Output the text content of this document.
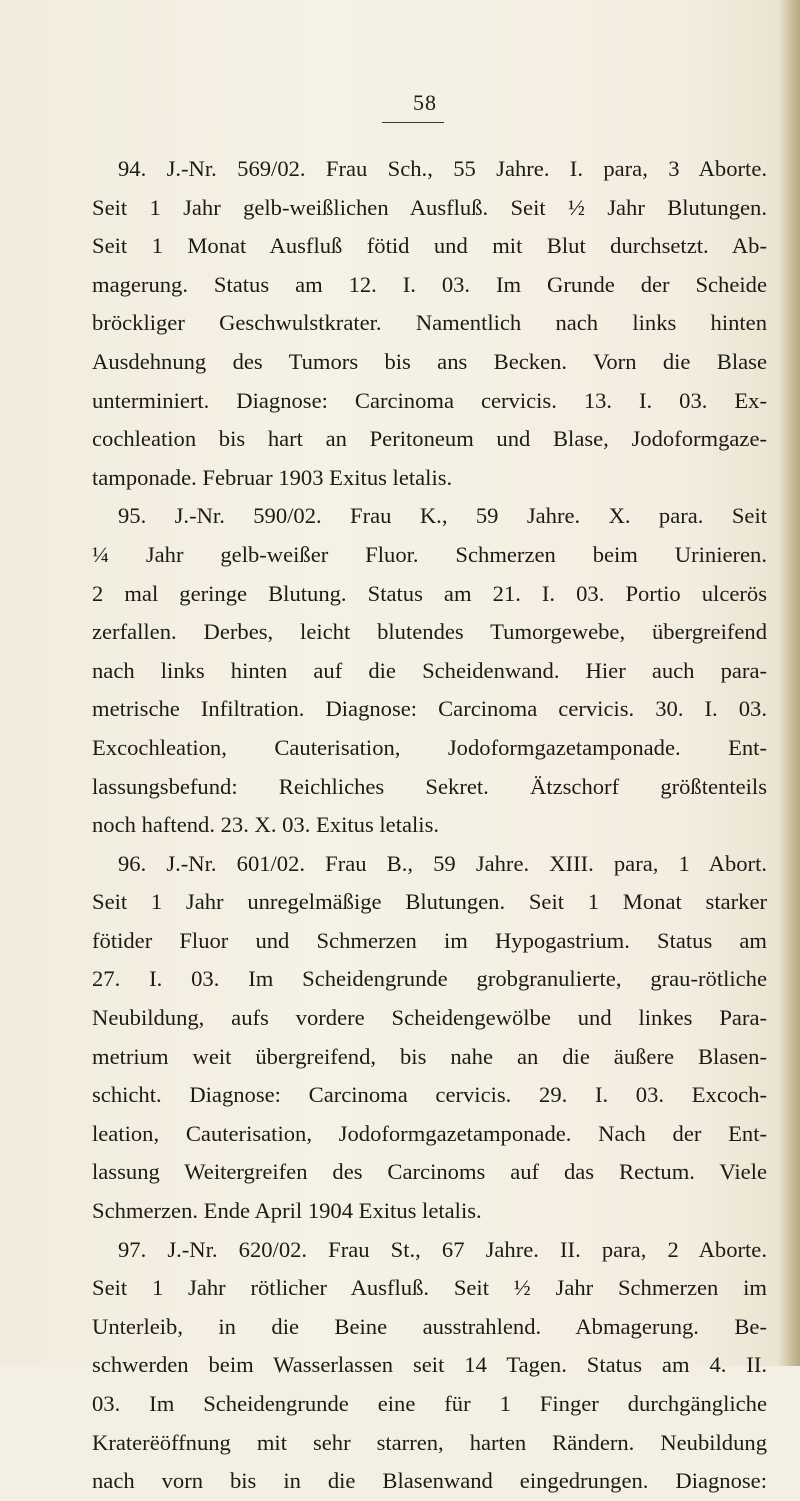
58
94. J.-Nr. 569/02. Frau Sch., 55 Jahre. I. para, 3 Aborte.
Seit 1 Jahr gelb-weißlichen Ausfluß. Seit ½ Jahr Blutungen.
Seit 1 Monat Ausfluß fötid und mit Blut durchsetzt. Ab-
magerung. Status am 12. I. 03. Im Grunde der Scheide
bröckliger Geschwulstkrater. Namentlich nach links hinten
Ausdehnung des Tumors bis ans Becken. Vorn die Blase
unterminiert. Diagnose: Carcinoma cervicis. 13. I. 03. Ex-
cochleation bis hart an Peritoneum und Blase, Jodoformgaze-
tamponade. Februar 1903 Exitus letalis.
95. J.-Nr. 590/02. Frau K., 59 Jahre. X. para. Seit
¼ Jahr gelb-weißer Fluor. Schmerzen beim Urinieren.
2 mal geringe Blutung. Status am 21. I. 03. Portio ulcerös
zerfallen. Derbes, leicht blutendes Tumorgewebe, übergreifend
nach links hinten auf die Scheidenwand. Hier auch para-
metrische Infiltration. Diagnose: Carcinoma cervicis. 30. I. 03.
Excochleation, Cauterisation, Jodoformgazetamponade. Ent-
lassungsbefund: Reichliches Sekret. Ätzschorf größtenteils
noch haftend. 23. X. 03. Exitus letalis.
96. J.-Nr. 601/02. Frau B., 59 Jahre. XIII. para, 1 Abort.
Seit 1 Jahr unregelmäßige Blutungen. Seit 1 Monat starker
fötider Fluor und Schmerzen im Hypogastrium. Status am
27. I. 03. Im Scheidengrunde grobgranulierte, grau-rötliche
Neubildung, aufs vordere Scheidengewölbe und linkes Para-
metrium weit übergreifend, bis nahe an die äußere Blasen-
schicht. Diagnose: Carcinoma cervicis. 29. I. 03. Excoch-
leation, Cauterisation, Jodoformgazetamponade. Nach der Ent-
lassung Weitergreifen des Carcinoms auf das Rectum. Viele
Schmerzen. Ende April 1904 Exitus letalis.
97. J.-Nr. 620/02. Frau St., 67 Jahre. II. para, 2 Aborte.
Seit 1 Jahr rötlicher Ausfluß. Seit ½ Jahr Schmerzen im
Unterleib, in die Beine ausstrahlend. Abmagerung. Be-
schwerden beim Wasserlassen seit 14 Tagen. Status am 4. II.
03. Im Scheidengrunde eine für 1 Finger durchgängliche
Kraterëöffnung mit sehr starren, harten Rändern. Neubildung
nach vorn bis in die Blasenwand eingedrungen. Diagnose:
